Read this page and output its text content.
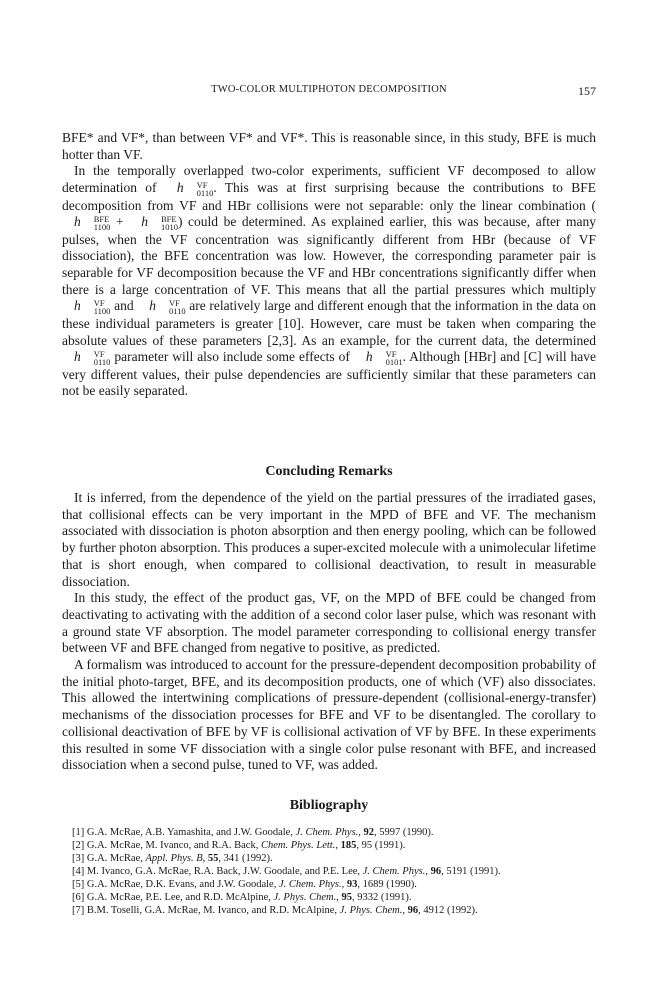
TWO-COLOR MULTIPHOTON DECOMPOSITION	157

BFE* and VF*, than between VF* and VF*. This is reasonable since, in this study, BFE is much hotter than VF.

In the temporally overlapped two-color experiments, sufficient VF decomposed to allow determination of h	VF
0110 . This was at first surprising because the contributions to BFE decomposition from VF and HBr collisions were not separable: only the linear combination (h	BFE
1100 + h	BFE
1010 ) could be determined. As explained earlier, this was because, after many pulses, when the VF concentration was significantly different from HBr (because of VF dissociation), the BFE concentration was low. However, the corresponding parameter pair is separable for VF decomposition because the VF and HBr concentrations significantly differ when there is a large concentration of VF. This means that all the partial pressures which multiply h	VF
1100 and h	VF
0110 are relatively large and different enough that the information in the data on these individual parameters is greater [10]. However, care must be taken when comparing the absolute values of these parameters [2,3]. As an example, for the current data, the determined h	VF
0110 parameter will also include some effects of h	VF
0101 . Although [HBr] and [C] will have very different values, their pulse dependencies are sufficiently similar that these parameters can not be easily separated.

Concluding Remarks

It is inferred, from the dependence of the yield on the partial pressures of the irradiated gases, that collisional effects can be very important in the MPD of BFE and VF. The mechanism associated with dissociation is photon absorption and then energy pooling, which can be followed by further photon absorption. This produces a super-excited molecule with a unimolecular lifetime that is short enough, when compared to collisional deactivation, to result in measurable dissociation.

In this study, the effect of the product gas, VF, on the MPD of BFE could be changed from deactivating to activating with the addition of a second color laser pulse, which was resonant with a ground state VF absorption. The model parameter corresponding to collisional energy transfer between VF and BFE changed from negative to positive, as predicted.

A formalism was introduced to account for the pressure-dependent decomposition probability of the initial photo-target, BFE, and its decomposition products, one of which (VF) also dissociates. This allowed the intertwining complications of pressure-dependent (collisional-energy-transfer) mechanisms of the dissociation processes for BFE and VF to be disentangled. The corollary to collisional deactivation of BFE by VF is collisional activation of VF by BFE. In these experiments this resulted in some VF dissociation with a single color pulse resonant with BFE, and increased dissociation when a second pulse, tuned to VF, was added.

Bibliography
[1] G.A. McRae, A.B. Yamashita, and J.W. Goodale, J. Chem. Phys., 92, 5997 (1990).
[2] G.A. McRae, M. Ivanco, and R.A. Back, Chem. Phys. Lett., 185, 95 (1991).
[3] G.A. McRae, Appl. Phys. B, 55, 341 (1992).
[4] M. Ivanco, G.A. McRae, R.A. Back, J.W. Goodale, and P.E. Lee, J. Chem. Phys., 96, 5191 (1991).
[5] G.A. McRae, D.K. Evans, and J.W. Goodale, J. Chem. Phys., 93, 1689 (1990).
[6] G.A. McRae, P.E. Lee, and R.D. McAlpine, J. Phys. Chem., 95, 9332 (1991).
[7] B.M. Toselli, G.A. McRae, M. Ivanco, and R.D. McAlpine, J. Phys. Chem., 96, 4912 (1992).
